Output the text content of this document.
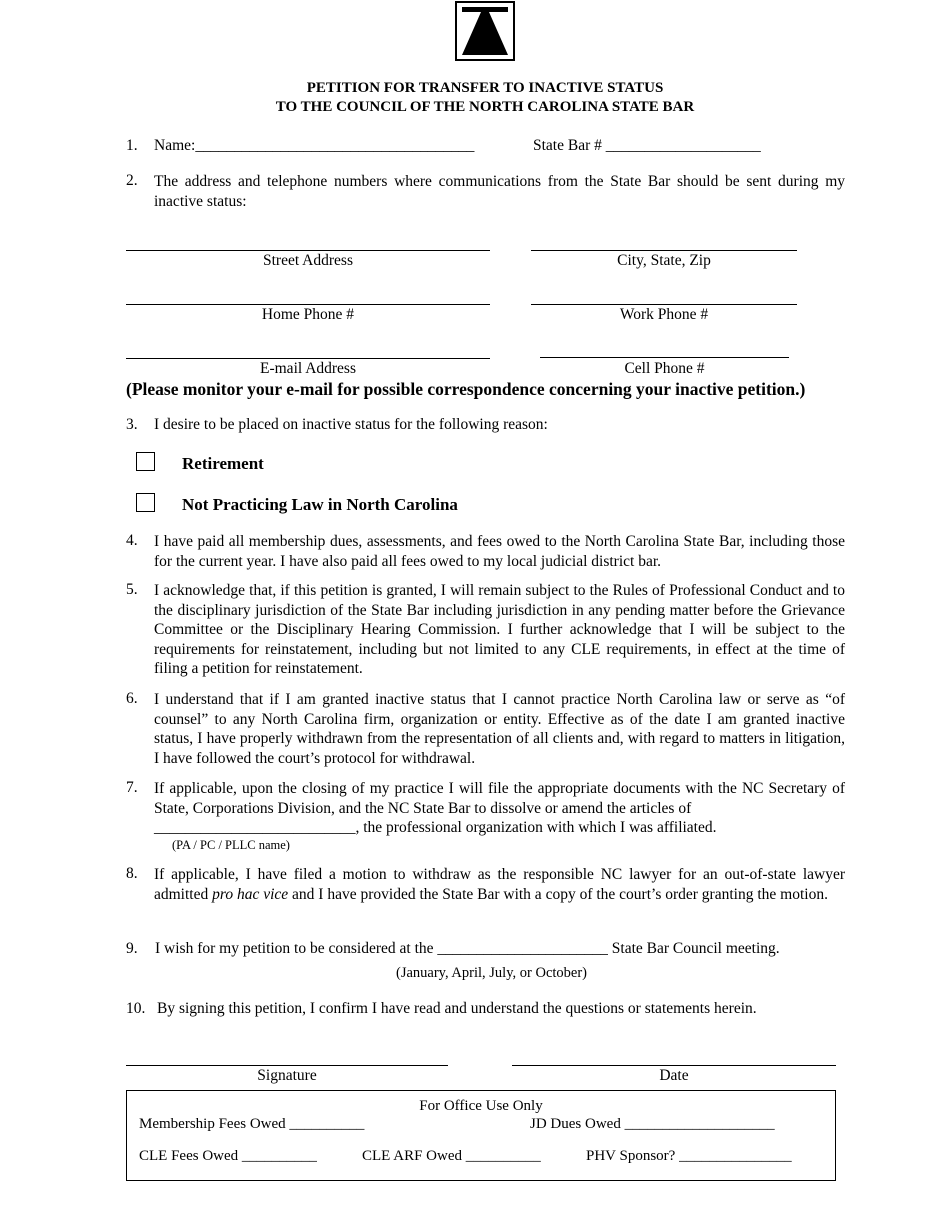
PETITION FOR TRANSFER TO INACTIVE STATUS
TO THE COUNCIL OF THE NORTH CAROLINA STATE BAR
1. Name:____________________________________	State Bar # ____________________
2. The address and telephone numbers where communications from the State Bar should be sent during my inactive status:
Street Address	City, State, Zip
Home Phone #	Work Phone #
E-mail Address	Cell Phone #
(Please monitor your e-mail for possible correspondence concerning your inactive petition.)
3. I desire to be placed on inactive status for the following reason:
Retirement
Not Practicing Law in North Carolina
4. I have paid all membership dues, assessments, and fees owed to the North Carolina State Bar, including those for the current year. I have also paid all fees owed to my local judicial district bar.
5. I acknowledge that, if this petition is granted, I will remain subject to the Rules of Professional Conduct and to the disciplinary jurisdiction of the State Bar including jurisdiction in any pending matter before the Grievance Committee or the Disciplinary Hearing Commission. I further acknowledge that I will be subject to the requirements for reinstatement, including but not limited to any CLE requirements, in effect at the time of filing a petition for reinstatement.
6. I understand that if I am granted inactive status that I cannot practice North Carolina law or serve as “of counsel” to any North Carolina firm, organization or entity. Effective as of the date I am granted inactive status, I have properly withdrawn from the representation of all clients and, with regard to matters in litigation, I have followed the court’s protocol for withdrawal.
7. If applicable, upon the closing of my practice I will file the appropriate documents with the NC Secretary of State, Corporations Division, and the NC State Bar to dissolve or amend the articles of
__________________________, the professional organization with which I was affiliated.
(PA / PC / PLLC name)
8. If applicable, I have filed a motion to withdraw as the responsible NC lawyer for an out-of-state lawyer admitted pro hac vice and I have provided the State Bar with a copy of the court’s order granting the motion.
9. I wish for my petition to be considered at the ______________________ State Bar Council meeting.
(January, April, July, or October)
10. By signing this petition, I confirm I have read and understand the questions or statements herein.
Signature	Date
For Office Use Only
Membership Fees Owed __________	JD Dues Owed ____________________
CLE Fees Owed __________	CLE ARF Owed __________	PHV Sponsor? _______________
